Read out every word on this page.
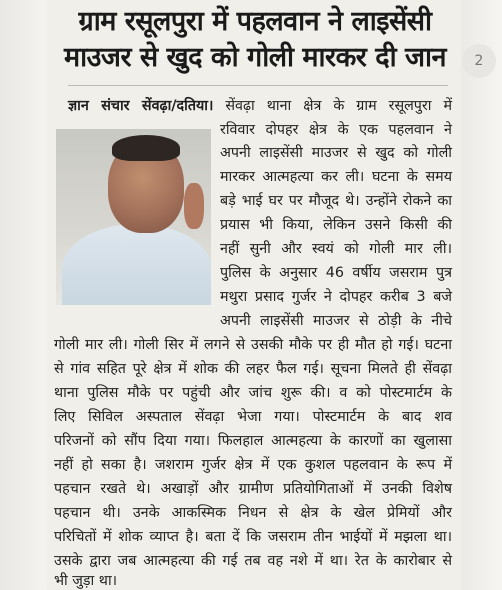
2
ग्राम रसूलपुरा में पहलवान ने लाइसेंसी
माउजर से खुद को गोली मारकर दी जान

ज्ञान संचार सेंवढ़ा/दतिया। सेंवढ़ा थाना क्षेत्र के ग्राम रसूलपुरा में

रविवार दोपहर क्षेत्र के एक पहलवान ने

अपनी लाइसेंसी माउजर से खुद को गोली

मारकर आत्महत्या कर ली। घटना के समय

बड़े भाई घर पर मौजूद थे। उन्होंने रोकने का

प्रयास भी किया, लेकिन उसने किसी की

नहीं सुनी और स्वयं को गोली मार ली।

पुलिस के अनुसार 46 वर्षीय जसराम पुत्र

मथुरा प्रसाद गुर्जर ने दोपहर करीब 3 बजे

अपनी लाइसेंसी माउजर से ठोड़ी के नीचे

गोली मार ली। गोली सिर में लगने से उसकी मौके पर ही मौत हो गई। घटना

से गांव सहित पूरे क्षेत्र में शोक की लहर फैल गई। सूचना मिलते ही सेंवढ़ा

थाना पुलिस मौके पर पहुंची और जांच शुरू की। व को पोस्टमार्टम के

लिए सिविल अस्पताल सेंवढ़ा भेजा गया। पोस्टमार्टम के बाद शव

परिजनों को सौंप दिया गया। फिलहाल आत्महत्या के कारणों का खुलासा

नहीं हो सका है। जशराम गुर्जर क्षेत्र में एक कुशल पहलवान के रूप में

पहचान रखते थे। अखाड़ों और ग्रामीण प्रतियोगिताओं में उनकी विशेष

पहचान थी। उनके आकस्मिक निधन से क्षेत्र के खेल प्रेमियों और

परिचितों में शोक व्याप्त है। बता दें कि जसराम तीन भाईयों में मझला था।

उसके द्वारा जब आत्महत्या की गई तब वह नशे में था। रेत के कारोबार से

भी जुड़ा था।
